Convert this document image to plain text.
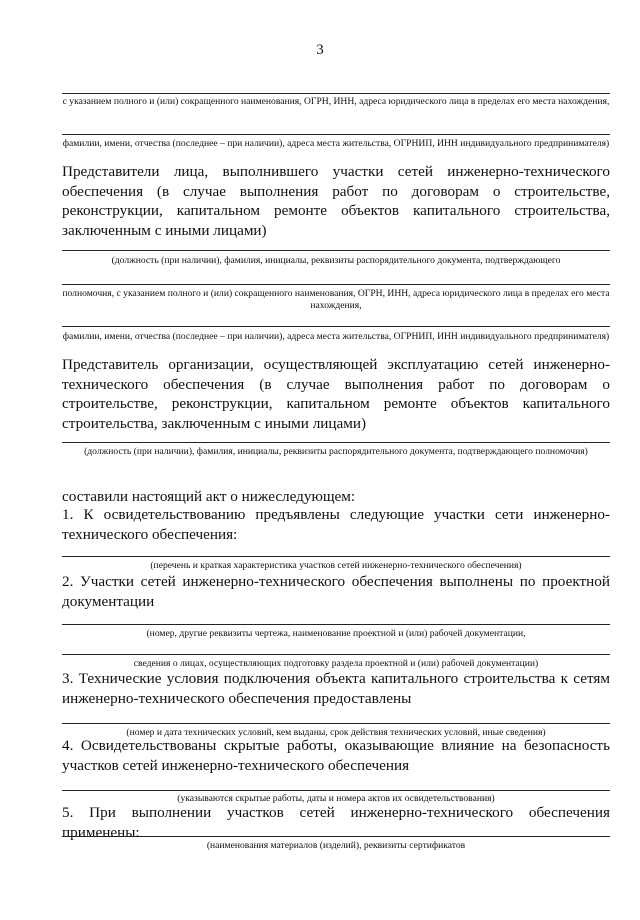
3
с указанием полного и (или) сокращенного наименования, ОГРН, ИНН, адреса юридического лица в пределах его места нахождения,
фамилии, имени, отчества (последнее – при наличии), адреса места жительства, ОГРНИП, ИНН индивидуального предпринимателя)
Представители лица, выполнившего участки сетей инженерно-технического обеспечения (в случае выполнения работ по договорам о строительстве, реконструкции, капитальном ремонте объектов капитального строительства, заключенным с иными лицами)
(должность (при наличии), фамилия, инициалы, реквизиты распорядительного документа, подтверждающего
полномочия, с указанием полного и (или) сокращенного наименования, ОГРН, ИНН, адреса юридического лица в пределах его места нахождения,
фамилии, имени, отчества (последнее – при наличии), адреса места жительства, ОГРНИП, ИНН индивидуального предпринимателя)
Представитель организации, осуществляющей эксплуатацию сетей инженерно-технического обеспечения (в случае выполнения работ по договорам о строительстве, реконструкции, капитальном ремонте объектов капитального строительства, заключенным с иными лицами)
(должность (при наличии), фамилия, инициалы, реквизиты распорядительного документа, подтверждающего полномочия)
составили настоящий акт о нижеследующем:
1. К освидетельствованию предъявлены следующие участки сети инженерно-технического обеспечения:
(перечень и краткая характеристика участков сетей инженерно-технического обеспечения)
2. Участки сетей инженерно-технического обеспечения выполнены по проектной документации
(номер, другие реквизиты чертежа, наименование проектной и (или) рабочей документации,
сведения о лицах, осуществляющих подготовку раздела проектной и (или) рабочей документации)
3. Технические условия подключения объекта капитального строительства к сетям инженерно-технического обеспечения предоставлены
(номер и дата технических условий, кем выданы, срок действия технических условий, иные сведения)
4. Освидетельствованы скрытые работы, оказывающие влияние на безопасность участков сетей инженерно-технического обеспечения
(указываются скрытые работы, даты и номера актов их освидетельствования)
5. При выполнении участков сетей инженерно-технического обеспечения применены:
(наименования материалов (изделий), реквизиты сертификатов
